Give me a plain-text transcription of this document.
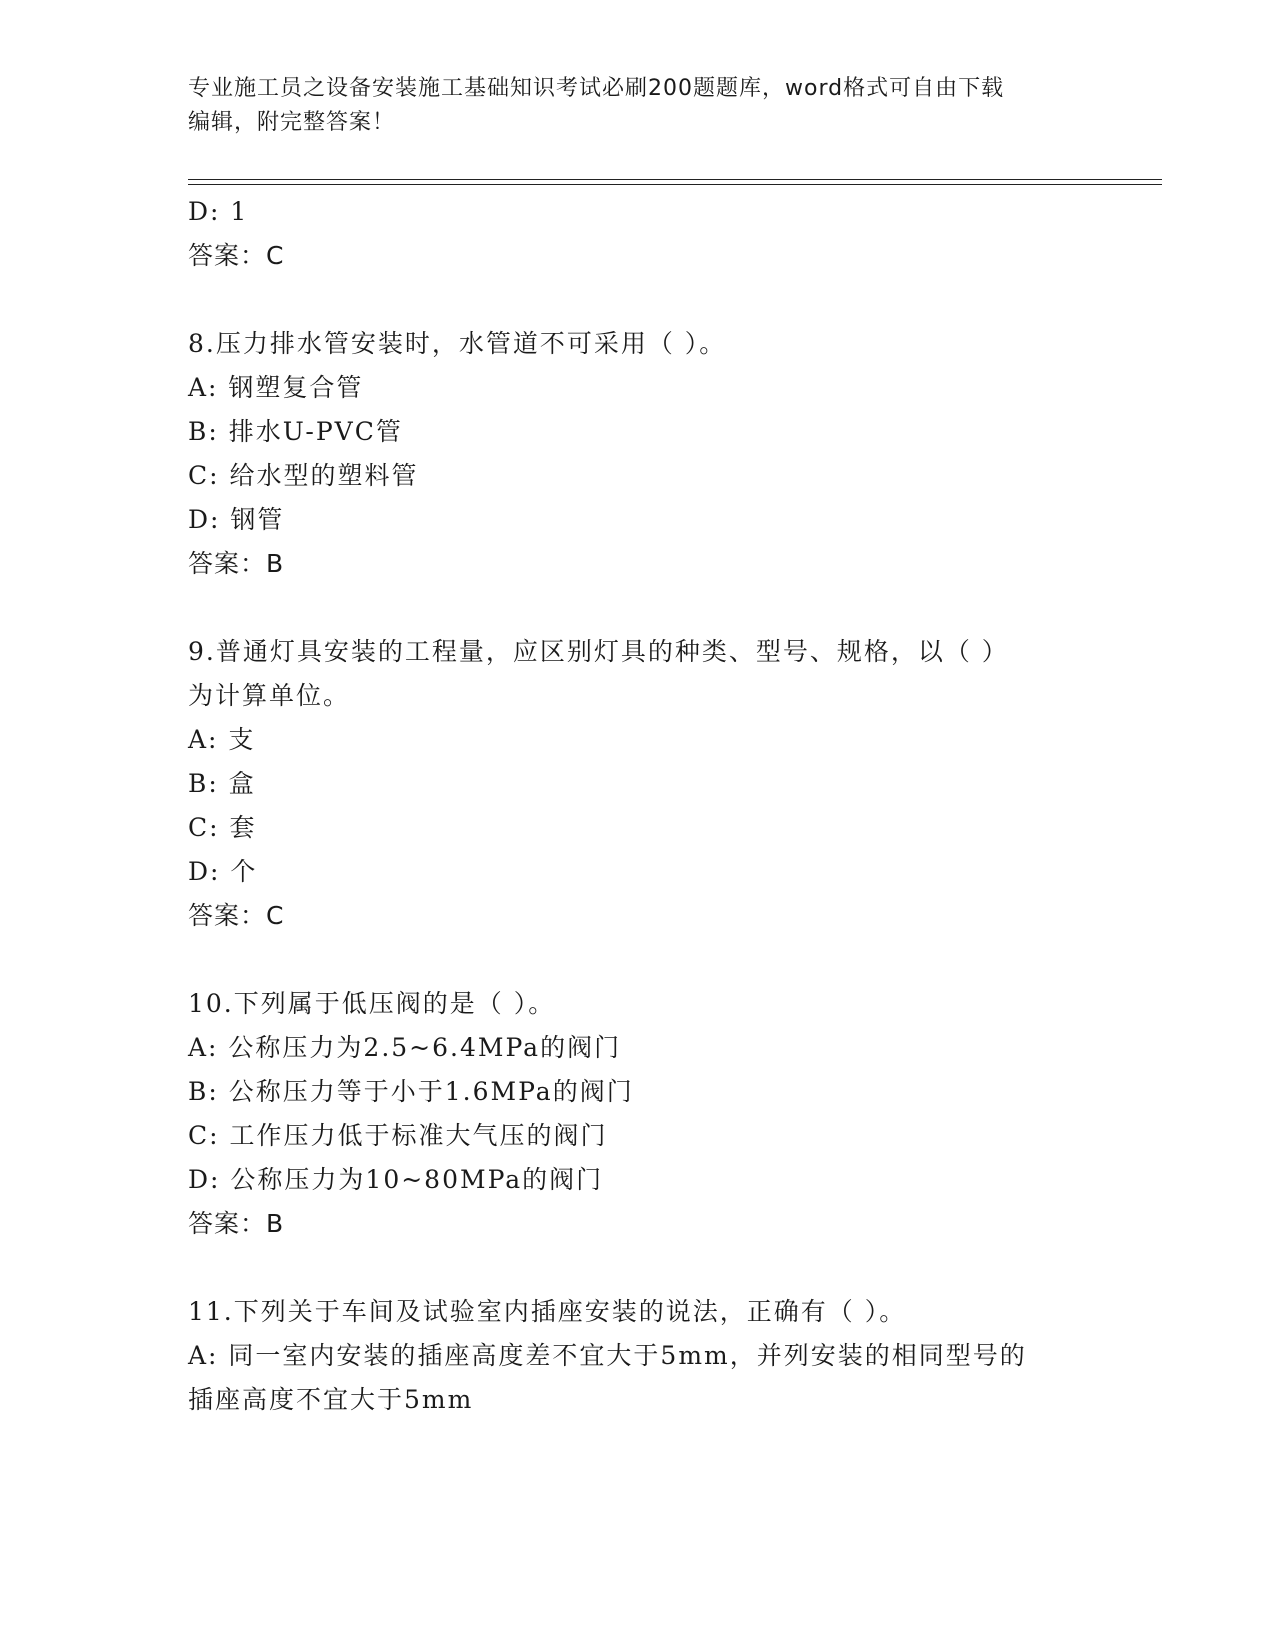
专业施工员之设备安装施工基础知识考试必刷200题题库，word格式可自由下载
编辑，附完整答案！
D: 1
答案：C
8.压力排水管安装时，水管道不可采用（ ）。
A: 钢塑复合管
B: 排水U-PVC管
C: 给水型的塑料管
D: 钢管
答案：B
9.普通灯具安装的工程量，应区别灯具的种类、型号、规格，以（ ）
为计算单位。
A: 支
B: 盒
C: 套
D: 个
答案：C
10.下列属于低压阀的是（ ）。
A: 公称压力为2.5~6.4MPa的阀门
B: 公称压力等于小于1.6MPa的阀门
C: 工作压力低于标准大气压的阀门
D: 公称压力为10~80MPa的阀门
答案：B
11.下列关于车间及试验室内插座安装的说法，正确有（ ）。
A: 同一室内安装的插座高度差不宜大于5mm，并列安装的相同型号的
插座高度不宜大于5mm
